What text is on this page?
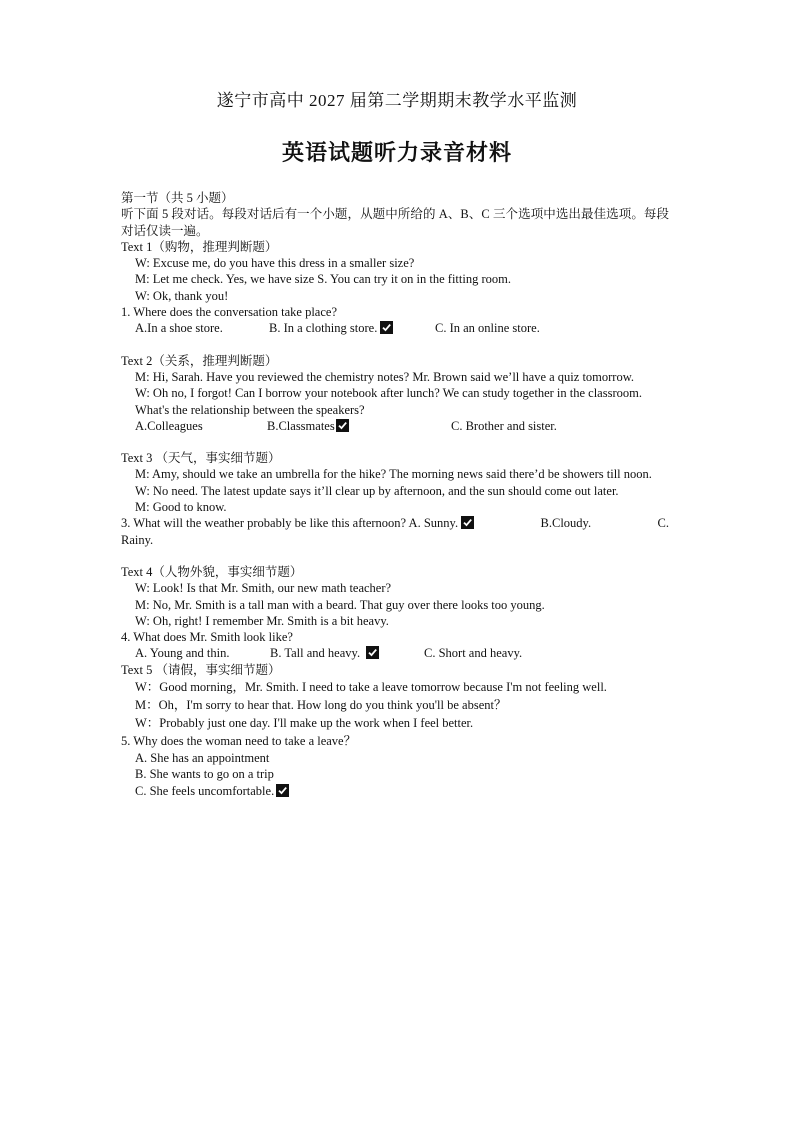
遂宁市高中 2027 届第二学期期末教学水平监测
英语试题听力录音材料
第一节（共 5 小题）
听下面 5 段对话。每段对话后有一个小题，从题中所给的 A、B、C 三个选项中选出最佳选项。每段对话仅读一遍。
Text 1（购物，推理判断题）
W: Excuse me, do you have this dress in a smaller size?
M: Let me check. Yes, we have size S. You can try it on in the fitting room.
W: Ok, thank you!
1. Where does the conversation take place?
A.In a shoe store.	B. In a clothing store.	C. In an online store.
Text 2（关系，推理判断题）
M: Hi, Sarah. Have you reviewed the chemistry notes? Mr. Brown said we’ll have a quiz tomorrow.
W: Oh no, I forgot! Can I borrow your notebook after lunch? We can study together in the classroom.
What's the relationship between the speakers?
A.Colleagues	B.Classmates	C. Brother and sister.
Text 3 （天气，事实细节题）
M: Amy, should we take an umbrella for the hike? The morning news said there’d be showers till noon.
W: No need. The latest update says it’ll clear up by afternoon, and the sun should come out later.
M: Good to know.
3. What will the weather probably be like this afternoon? A. Sunny.	B.Cloudy.	C.
Rainy.
Text 4（人物外貌，事实细节题）
W: Look! Is that Mr. Smith, our new math teacher?
M: No, Mr. Smith is a tall man with a beard. That guy over there looks too young.
W: Oh, right! I remember Mr. Smith is a bit heavy.
4. What does Mr. Smith look like?
A. Young and thin.	B. Tall and heavy.	C. Short and heavy.
Text 5 （请假，事实细节题）
W：Good morning，Mr. Smith. I need to take a leave tomorrow because I'm not feeling well.
M：Oh，I'm sorry to hear that. How long do you think you'll be absent？
W：Probably just one day. I'll make up the work when I feel better.
5. Why does the woman need to take a leave？
A. She has an appointment
B. She wants to go on a trip
C. She feels uncomfortable.
